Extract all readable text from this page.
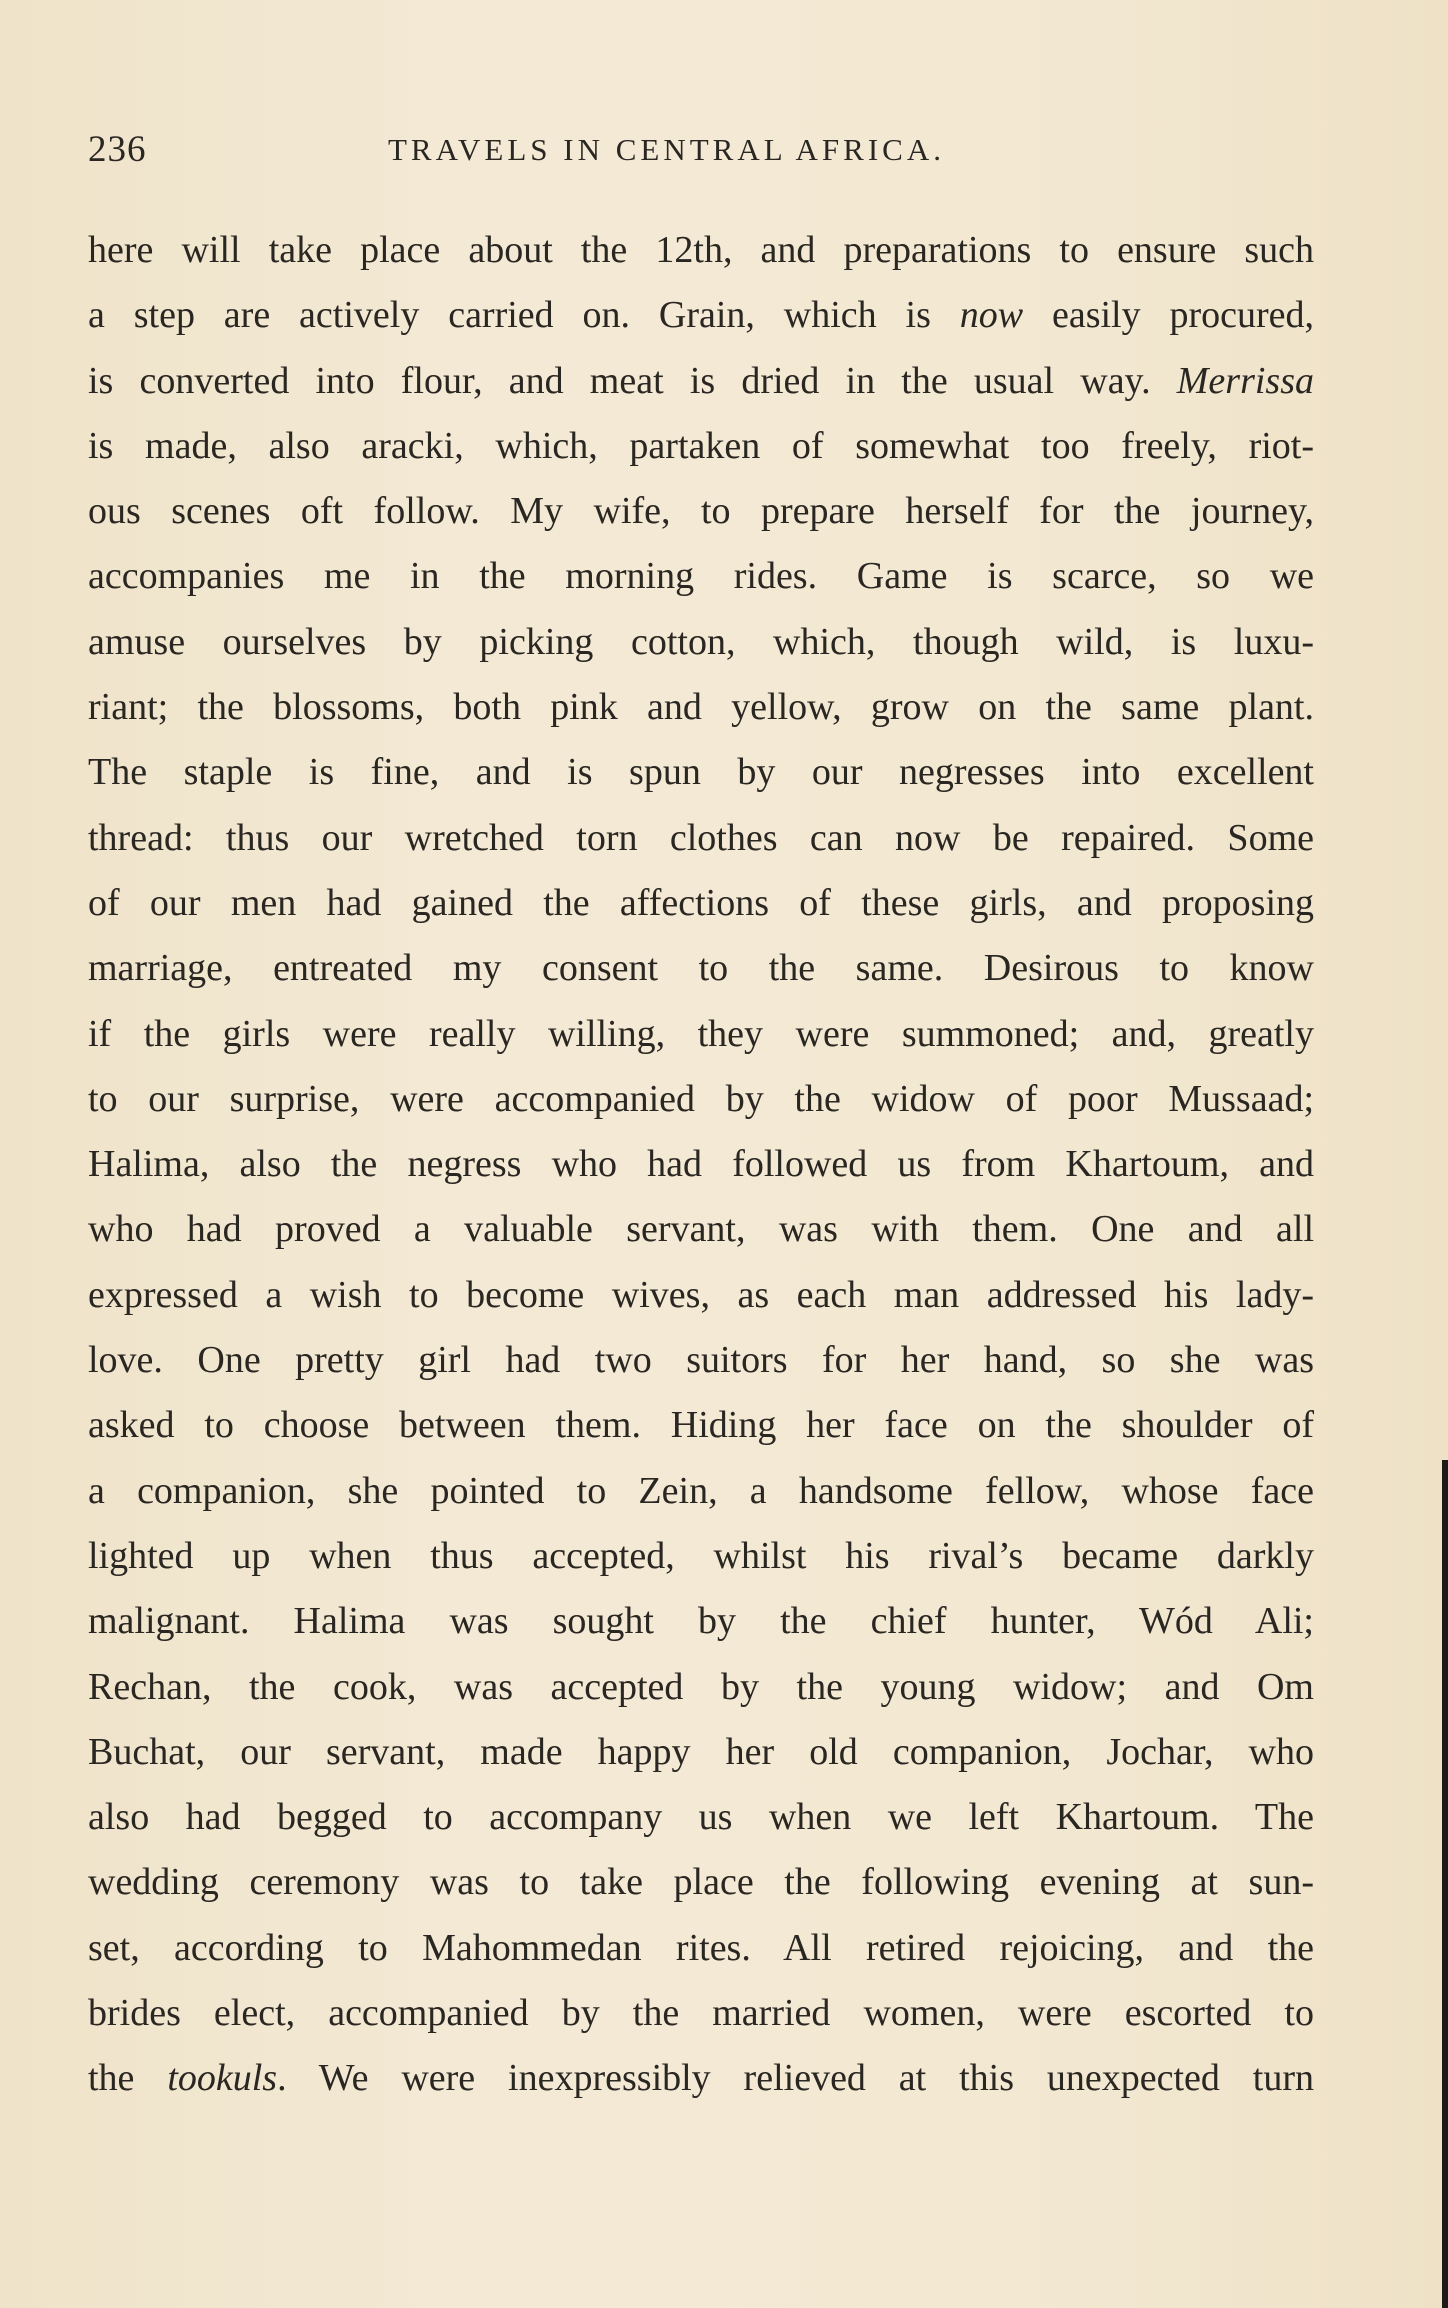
236	TRAVELS IN CENTRAL AFRICA.
here will take place about the 12th, and preparations to ensure such
a step are actively carried on. Grain, which is now easily procured,
is converted into flour, and meat is dried in the usual way. Merrissa
is made, also aracki, which, partaken of somewhat too freely, riot-
ous scenes oft follow. My wife, to prepare herself for the journey,
accompanies me in the morning rides. Game is scarce, so we
amuse ourselves by picking cotton, which, though wild, is luxu-
riant; the blossoms, both pink and yellow, grow on the same plant.
The staple is fine, and is spun by our negresses into excellent
thread: thus our wretched torn clothes can now be repaired. Some
of our men had gained the affections of these girls, and proposing
marriage, entreated my consent to the same. Desirous to know
if the girls were really willing, they were summoned; and, greatly
to our surprise, were accompanied by the widow of poor Mussaad;
Halima, also the negress who had followed us from Khartoum, and
who had proved a valuable servant, was with them. One and all
expressed a wish to become wives, as each man addressed his lady-
love. One pretty girl had two suitors for her hand, so she was
asked to choose between them. Hiding her face on the shoulder of
a companion, she pointed to Zein, a handsome fellow, whose face
lighted up when thus accepted, whilst his rival’s became darkly
malignant. Halima was sought by the chief hunter, Wód Ali;
Rechan, the cook, was accepted by the young widow; and Om
Buchat, our servant, made happy her old companion, Jochar, who
also had begged to accompany us when we left Khartoum. The
wedding ceremony was to take place the following evening at sun-
set, according to Mahommedan rites. All retired rejoicing, and the
brides elect, accompanied by the married women, were escorted to
the tookuls. We were inexpressibly relieved at this unexpected turn
